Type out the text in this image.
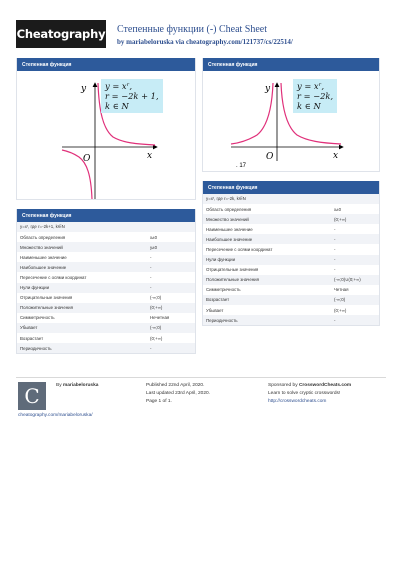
Cheatography Степенные функции (-) Cheat Sheet
by mariabeloruska via cheatography.com/121737/cs/22514/
Степенная функция
y
x
O
y = xʳ,
r = −2k + 1,
k ∈ N
Степенная функция
y=xʳ, где r=-2k+1, k∈N	
Область определения	x≠0
Множество значений	y≠0
Наименьшее значение	-
Наибольшее значение	-
Пересечение с осями координат	-
Нули функции	-
Отрицательные значения	(-∞;0)
Положительные значения	(0;+∞)
Симметричность	Нечетная
Убывает	(-∞;0)
Возрастает	(0;+∞)
Периодичность	-
Степенная функция
y
x
O
. 17
y = xʳ,
r = −2k,
k ∈ N
Степенная функция
y=xʳ, где r=-2k, k∈N	
Область определения	x≠0
Множество значений	(0;+∞)
Наименьшее значение	-
Наибольшее значение	-
Пересечение с осями координат	-
Нули функции	-
Отрицательные значения	-
Положительные значения	(-∞;0)∪(0;+∞)
Симметричность	Четная
Возрастает	(-∞;0)
Убывает	(0;+∞)
Периодичность	-
C	By mariabeloruska
cheatography.com/mariabeloruska/
Published 22nd April, 2020.
Last updated 23rd April, 2020.
Page 1 of 1.
Sponsored by CrosswordCheats.com
Learn to solve cryptic crosswords!
http://crosswordcheats.com
